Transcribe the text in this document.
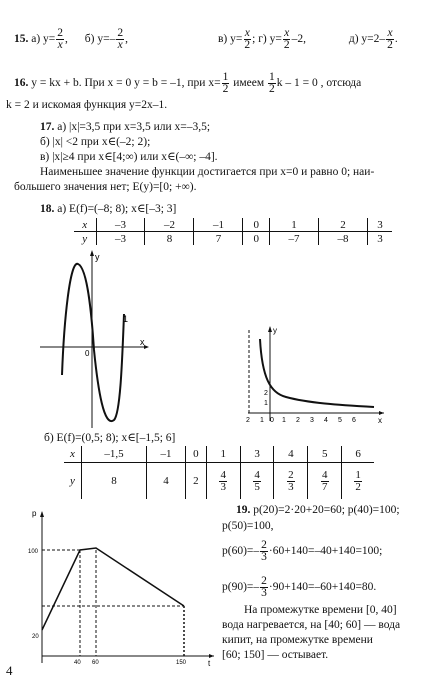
15. а) $y= \frac{2}{x}$ , б) $y=- \frac{2}{x}$ ,	в) $y= \frac{x}{2}$ ; г) $y= \frac{x}{2} -2$,	д) $y=2- \frac{x}{2}$ .
16. y = kx + b. При x = 0 y = b = –1, при $x= \frac{1}{2}$ имеем $\frac{1}{2}$ k – 1 = 0 , отсюда
k = 2 и искомая функция y=2x–1.
17. а) |x|=3,5 при x=3,5 или x=–3,5;
б) |x| <2 при x∈(–2; 2);
в) |x|≥4 при x∈[4;∞) или x∈(–∞; –4].
Наименьшее значение функции достигается при x=0 и равно 0; наи-
большего значения нет; E(y)=[0; +∞).
18. а) E(f)=(–8; 8); x∈[–3; 3]
x	–3	–2	–1	0	1	2	3
y	–3	8	7	0	–7	–8	3
y
x
1
0
y
x
2 1 0 1 2 3 4 5 6
2
1
б) E(f)=(0,5; 8); x∈[–1,5; 6]
x	–1,5	–1	0	1	3	4	5	6
y	8	4	2	$\frac{4}{3}$	$\frac{4}{5}$	$\frac{2}{3}$	$\frac{4}{7}$	$\frac{1}{2}$
19. p(20)=2·20+20=60; p(40)=100;
p(50)=100,
$p(60)=- \frac{2}{3} \cdot 60+140=-40+140=100$;
$p(90)=- \frac{2}{3} \cdot 90+140=-60+140=80$.
На промежутке времени [0, 40]
вода нагревается, на [40; 60] — вода
кипит, на промежутке времени
[60; 150] — остывает.
p
t
100
20
40 60	150
4
